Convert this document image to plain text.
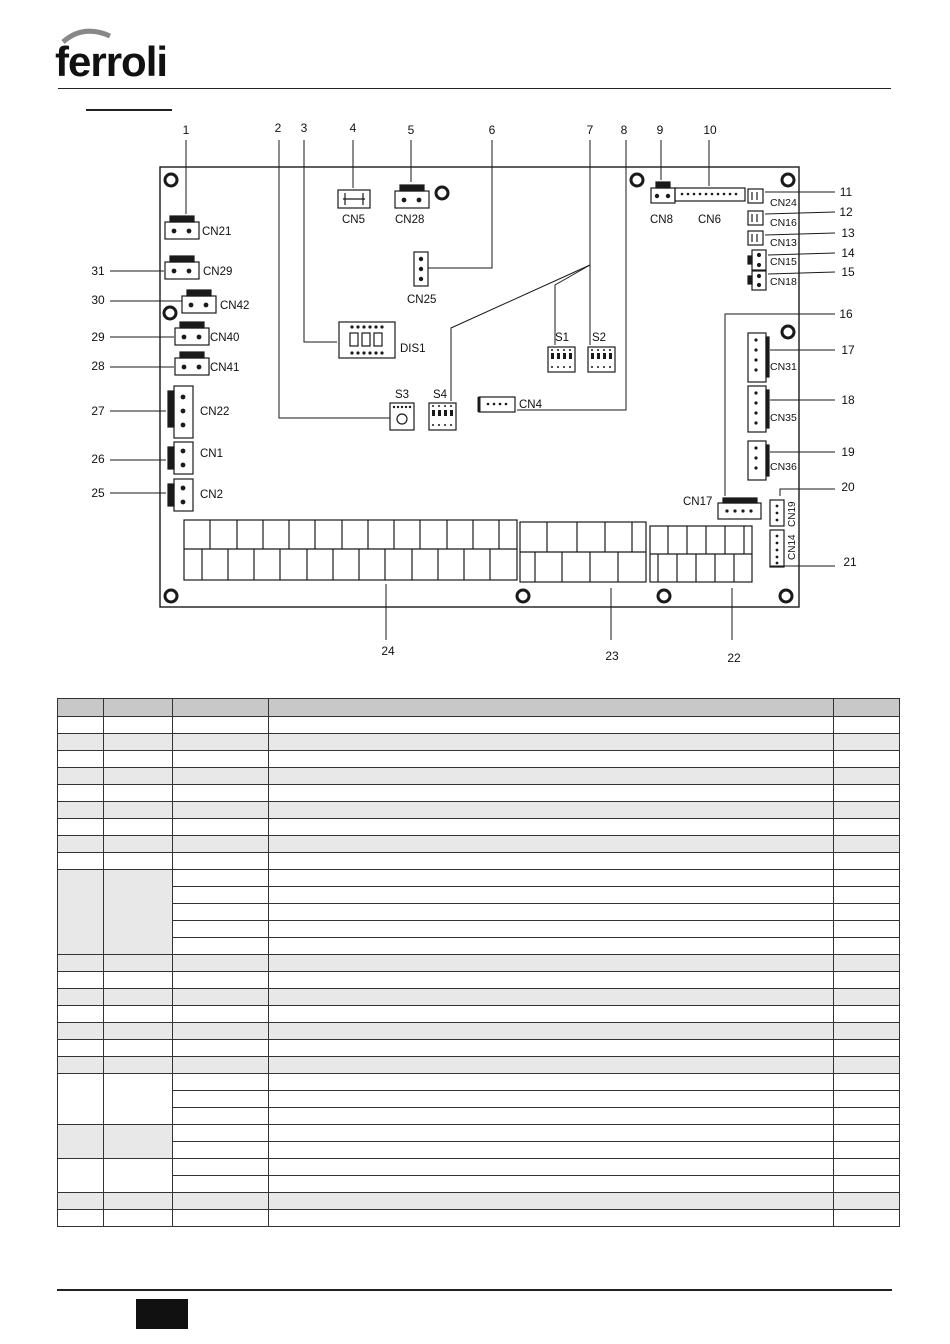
ferroli
1	2 3	4	5	6	7 8 9	10
11
12
13
14
15
16
17
18
19
20
21
22
23
24
25
26
27
28
29
30
31
CN21
CN29
CN42
CN40
CN41
CN22
CN1
CN2
CN5	CN28
CN25
DIS1
S3 S4
CN4
S1 S2
CN8 CN6
CN24
CN16
CN13
CN15
CN18
CN31
CN35
CN36
CN17	CN19
CN14
